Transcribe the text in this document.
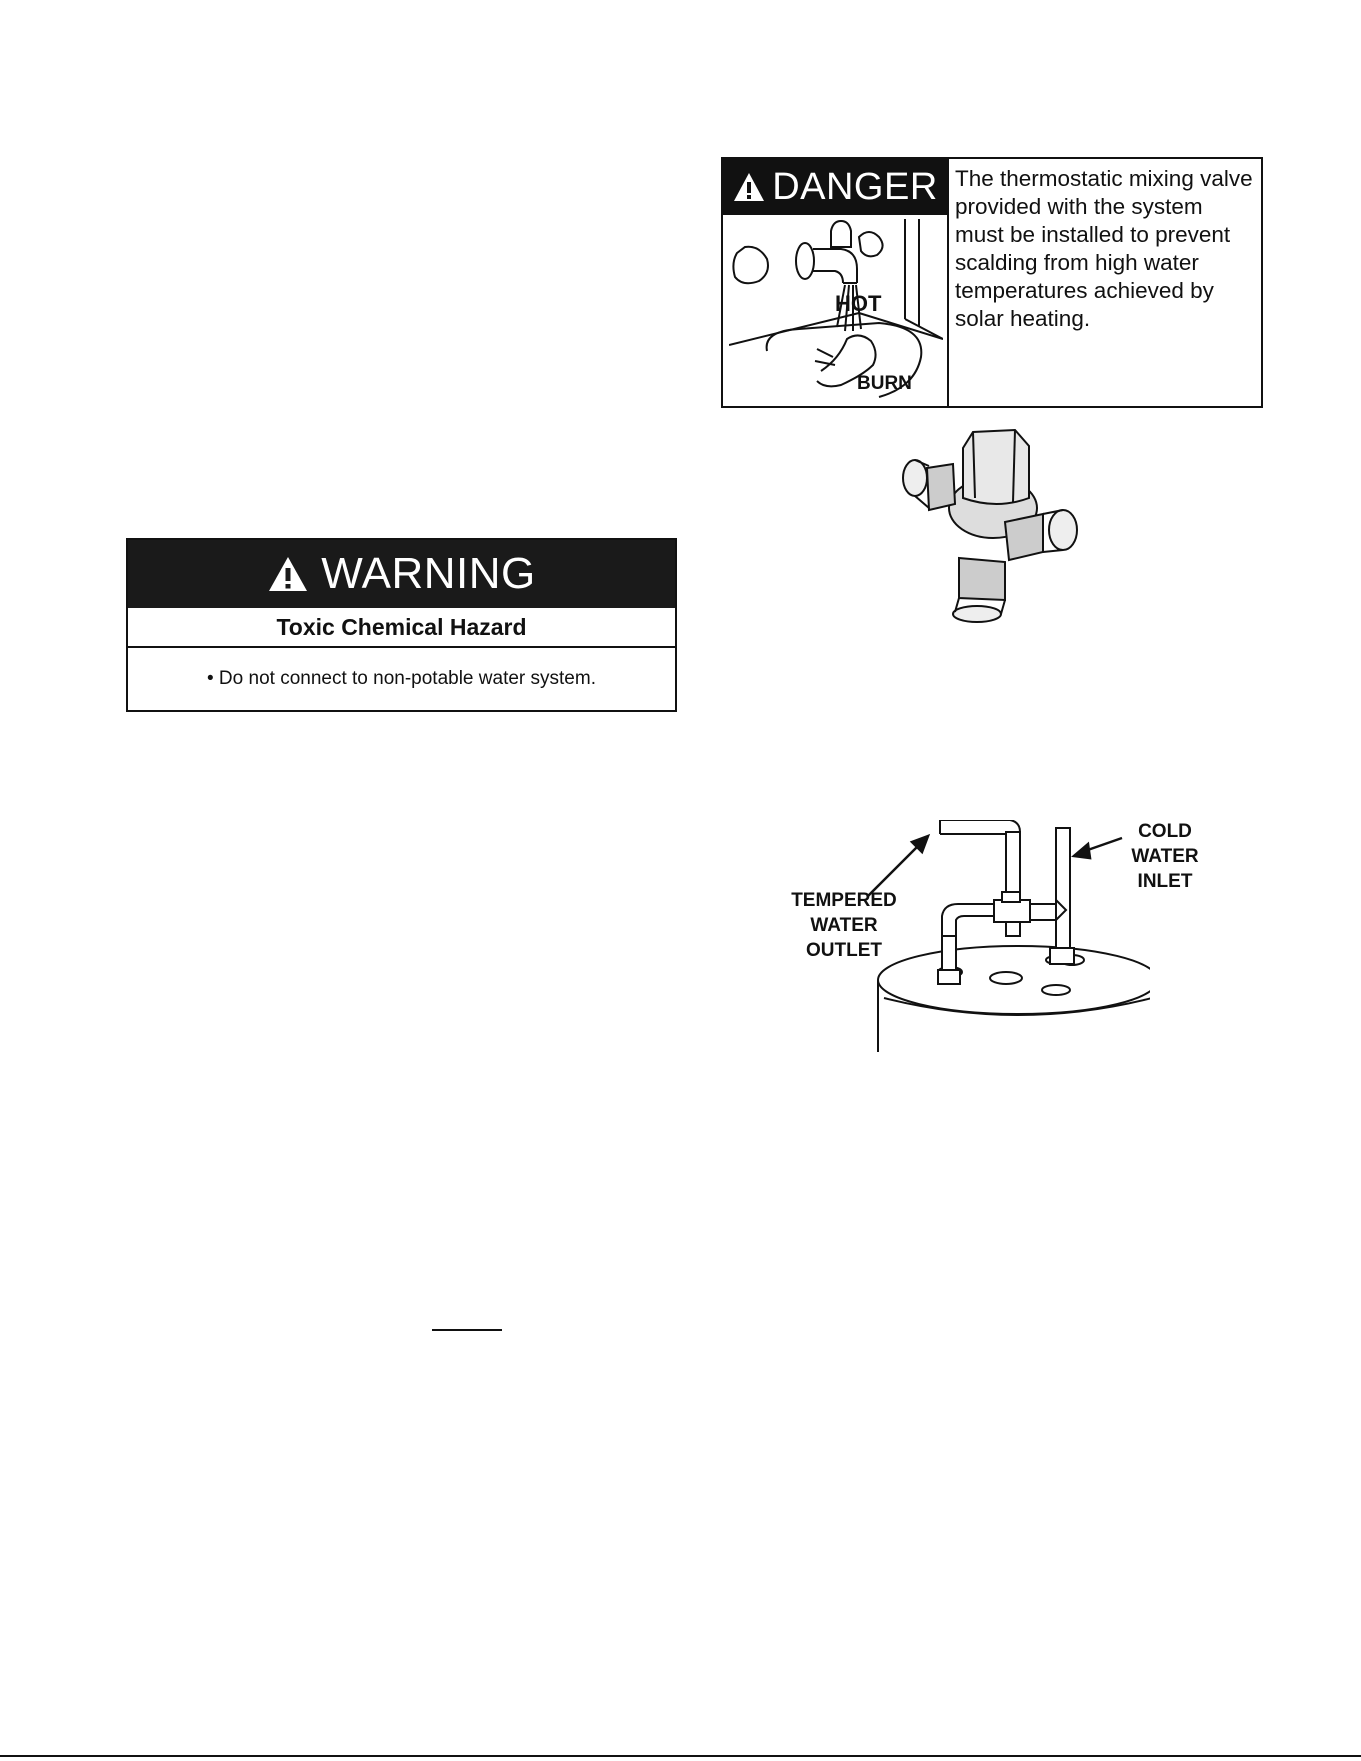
DANGER
HOT
BURN
The thermostatic mixing valve provided with the system must be installed to prevent scalding from high water temperatures achieved by solar heating.
WARNING
Toxic Chemical Hazard
• Do not connect to non-potable water system.
TEMPERED
WATER
OUTLET
COLD
WATER
INLET
